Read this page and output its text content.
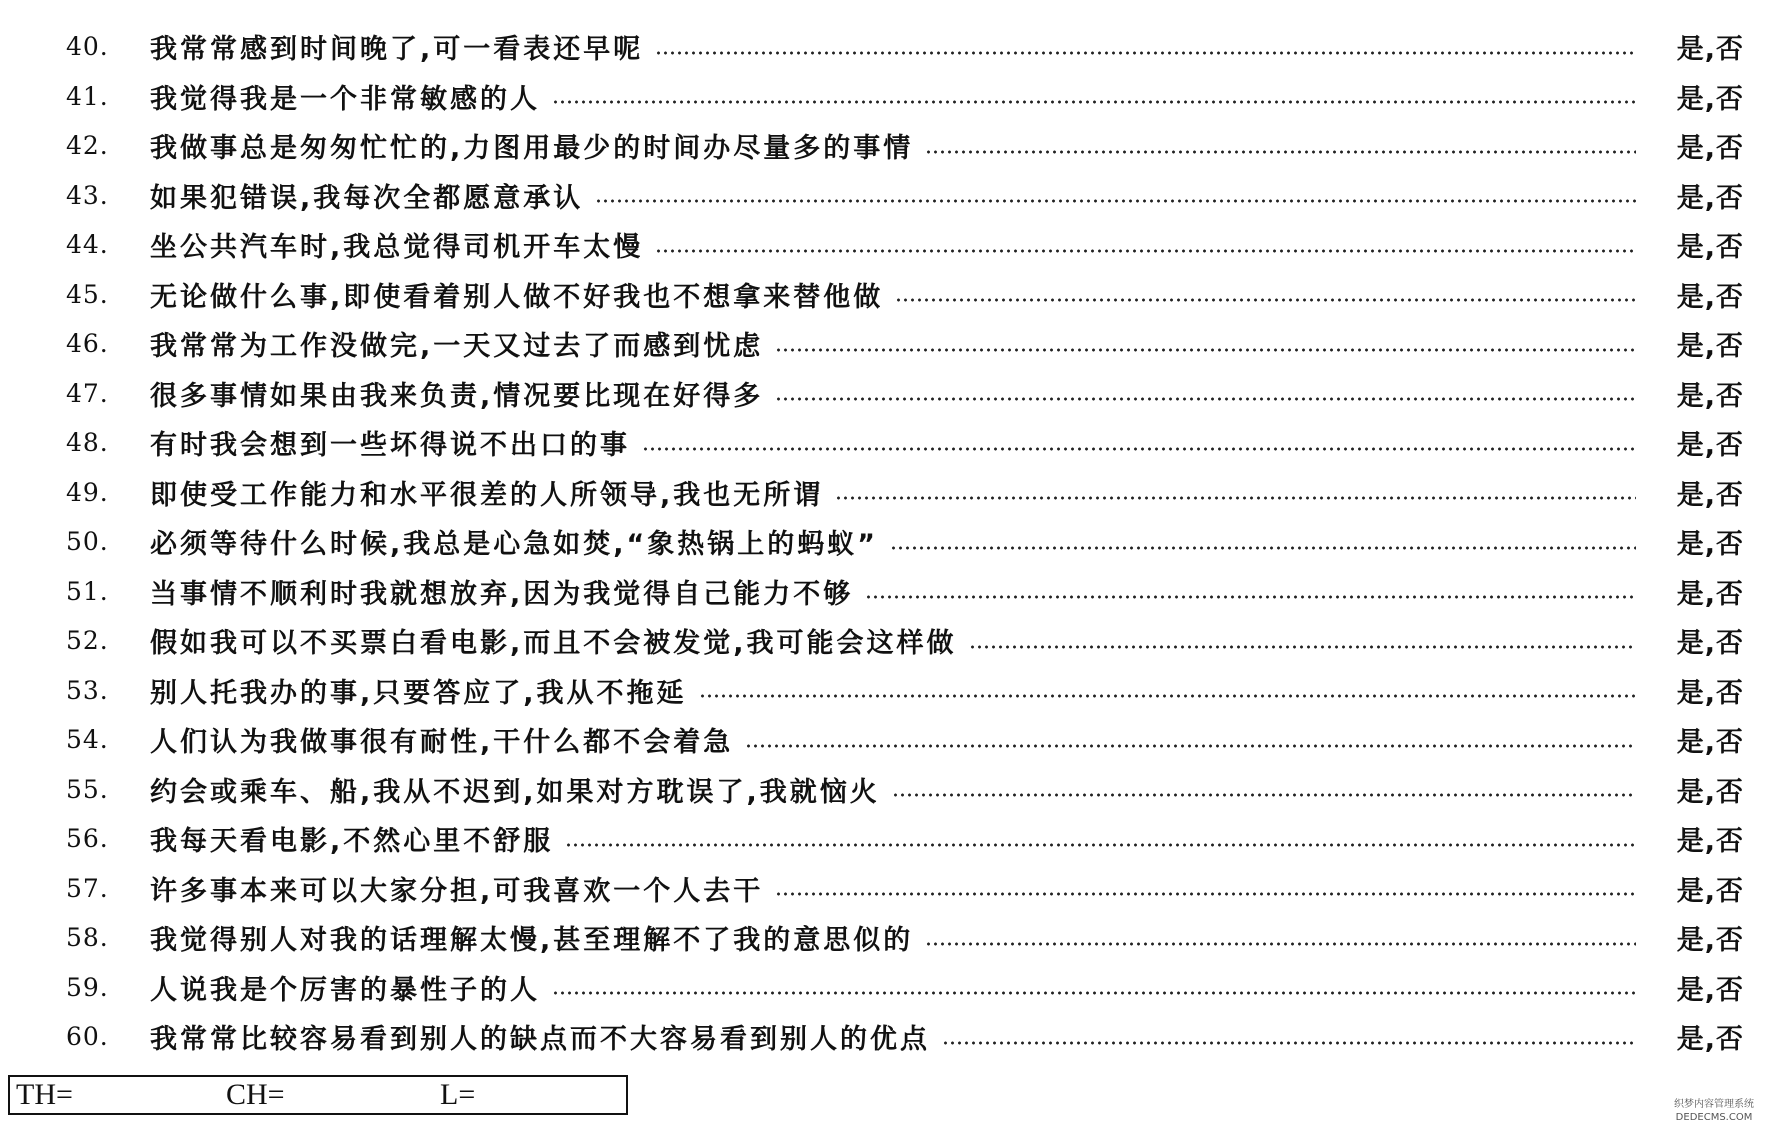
40.	我常常感到时间晚了,可一看表还早呢	是,否
41.	我觉得我是一个非常敏感的人	是,否
42.	我做事总是匆匆忙忙的,力图用最少的时间办尽量多的事情	是,否
43.	如果犯错误,我每次全都愿意承认	是,否
44.	坐公共汽车时,我总觉得司机开车太慢	是,否
45.	无论做什么事,即使看着别人做不好我也不想拿来替他做	是,否
46.	我常常为工作没做完,一天又过去了而感到忧虑	是,否
47.	很多事情如果由我来负责,情况要比现在好得多	是,否
48.	有时我会想到一些坏得说不出口的事	是,否
49.	即使受工作能力和水平很差的人所领导,我也无所谓	是,否
50.	必须等待什么时候,我总是心急如焚,“象热锅上的蚂蚁”	是,否
51.	当事情不顺利时我就想放弃,因为我觉得自己能力不够	是,否
52.	假如我可以不买票白看电影,而且不会被发觉,我可能会这样做	是,否
53.	别人托我办的事,只要答应了,我从不拖延	是,否
54.	人们认为我做事很有耐性,干什么都不会着急	是,否
55.	约会或乘车、船,我从不迟到,如果对方耽误了,我就恼火	是,否
56.	我每天看电影,不然心里不舒服	是,否
57.	许多事本来可以大家分担,可我喜欢一个人去干	是,否
58.	我觉得别人对我的话理解太慢,甚至理解不了我的意思似的	是,否
59.	人说我是个厉害的暴性子的人	是,否
60.	我常常比较容易看到别人的缺点而不大容易看到别人的优点	是,否
TH=	CH=	L=	织梦内容管理系统
DEDECMS.COM
